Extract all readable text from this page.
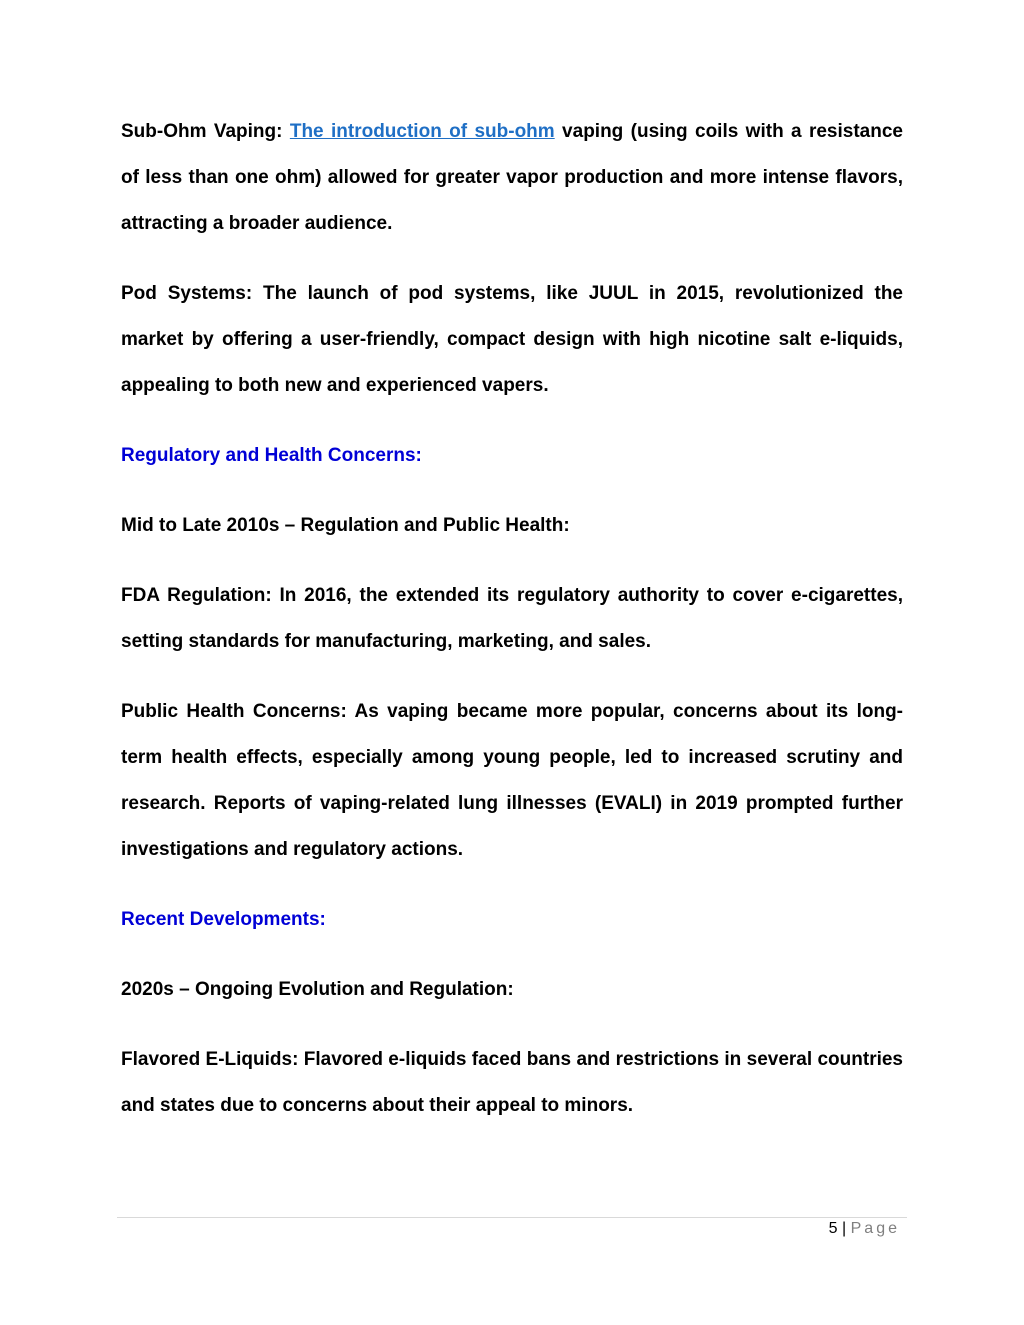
Sub-Ohm Vaping: The introduction of sub-ohm vaping (using coils with a resistance of less than one ohm) allowed for greater vapor production and more intense flavors, attracting a broader audience.

Pod Systems: The launch of pod systems, like JUUL in 2015, revolutionized the market by offering a user-friendly, compact design with high nicotine salt e-liquids, appealing to both new and experienced vapers.

Regulatory and Health Concerns:

Mid to Late 2010s – Regulation and Public Health:

FDA Regulation: In 2016, the extended its regulatory authority to cover e-cigarettes, setting standards for manufacturing, marketing, and sales.

Public Health Concerns: As vaping became more popular, concerns about its long-term health effects, especially among young people, led to increased scrutiny and research. Reports of vaping-related lung illnesses (EVALI) in 2019 prompted further investigations and regulatory actions.

Recent Developments:

2020s – Ongoing Evolution and Regulation:

Flavored E-Liquids: Flavored e-liquids faced bans and restrictions in several countries and states due to concerns about their appeal to minors.

5 | Page
